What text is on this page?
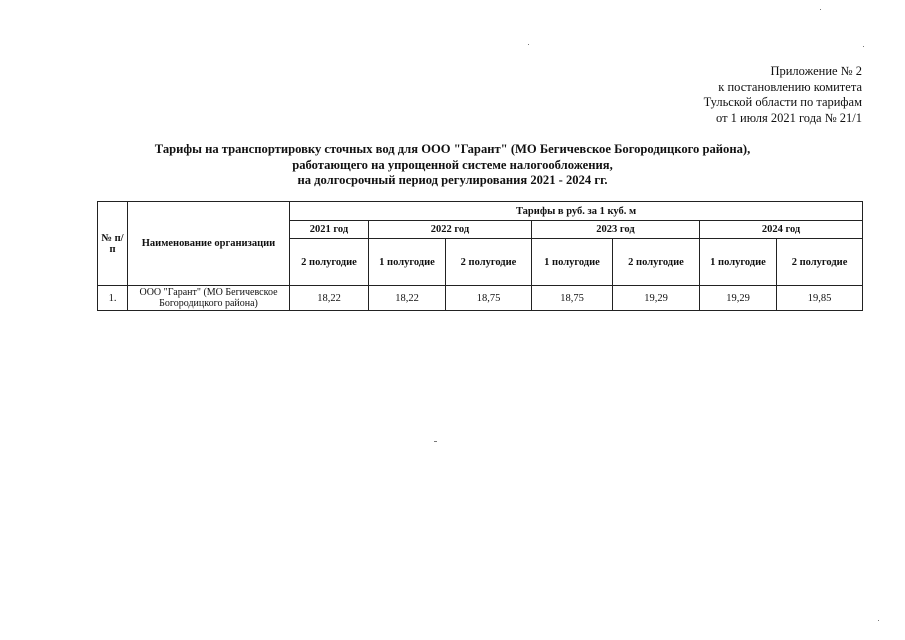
Приложение № 2
к постановлению комитета
Тульской области по тарифам
от 1 июля 2021 года № 21/1
Тарифы на транспортировку сточных вод для ООО "Гарант" (МО Бегичевское Богородицкого района),
работающего на упрощенной системе налогообложения,
на долгосрочный период регулирования 2021 - 2024 гг.
№ п/п	Наименование организации	Тарифы в руб. за 1 куб. м						
		2021 год	2022 год		2023 год		2024 год	
		2 полугодие	1 полугодие	2 полугодие	1 полугодие	2 полугодие	1 полугодие	2 полугодие
1.	ООО "Гарант" (МО Бегичевское Богородицкого района)	18,22	18,22	18,75	18,75	19,29	19,29	19,85
